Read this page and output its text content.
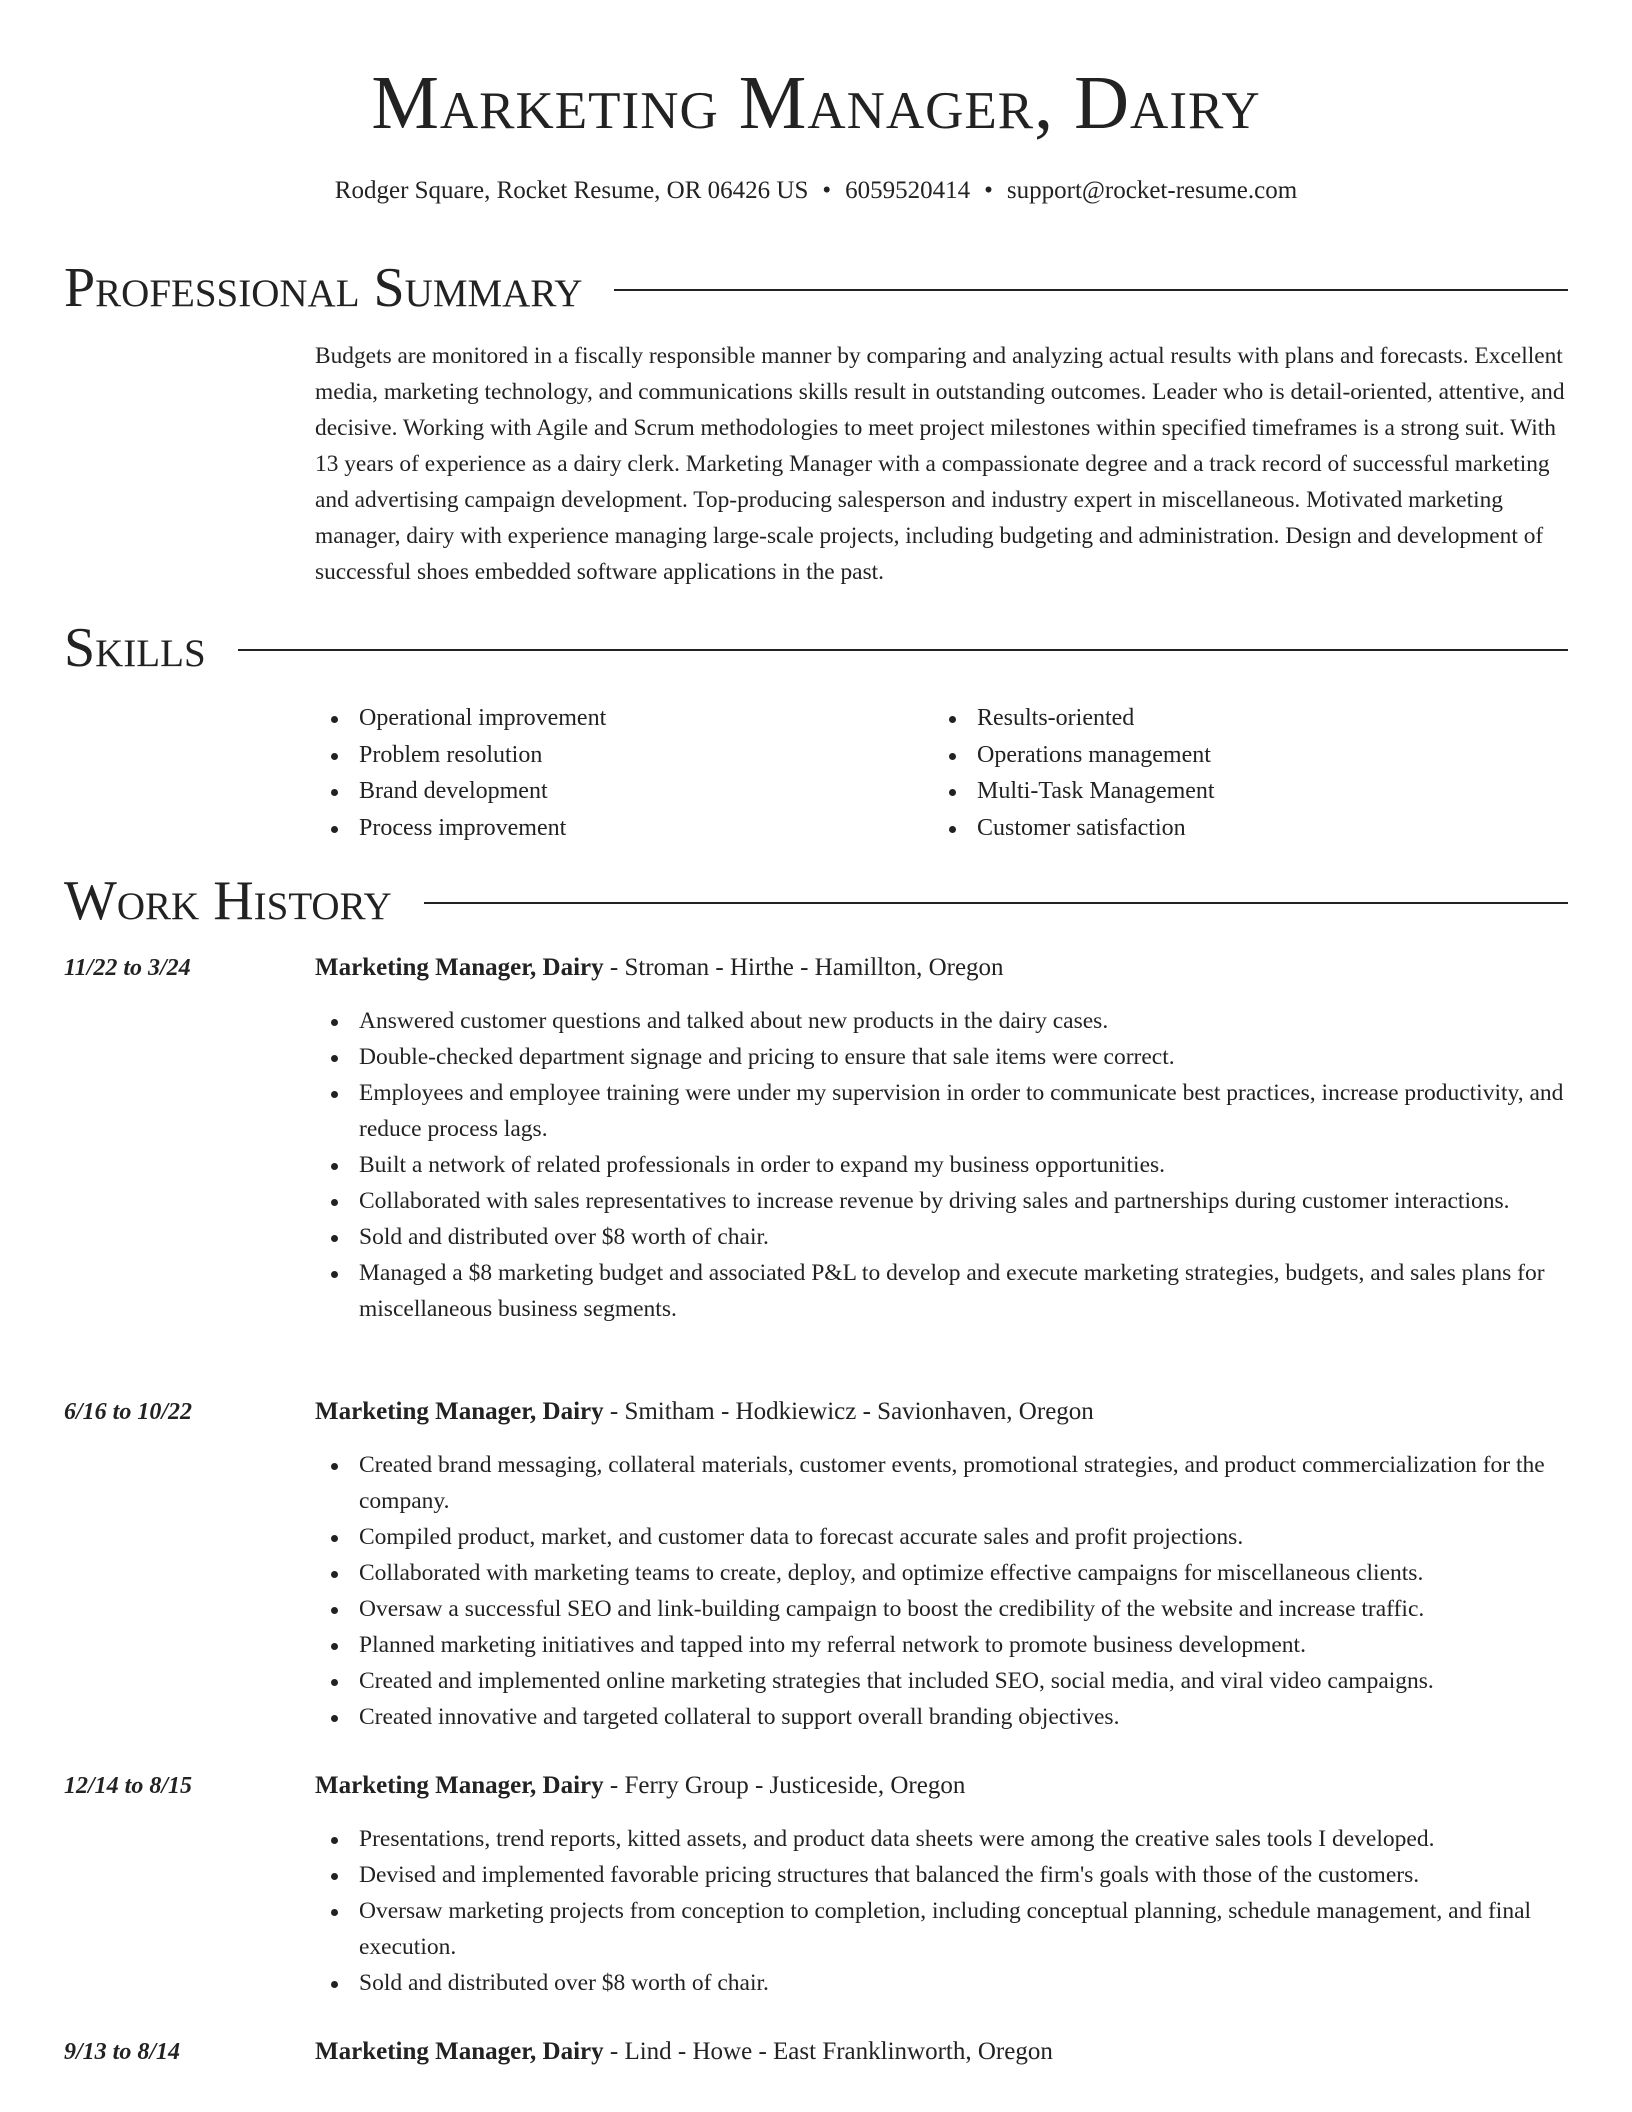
Marketing Manager, Dairy
Rodger Square, Rocket Resume, OR 06426 US • 6059520414 • support@rocket-resume.com
Professional Summary

Budgets are monitored in a fiscally responsible manner by comparing and analyzing actual results with plans and forecasts. Excellent media, marketing technology, and communications skills result in outstanding outcomes. Leader who is detail-oriented, attentive, and decisive. Working with Agile and Scrum methodologies to meet project milestones within specified timeframes is a strong suit. With 13 years of experience as a dairy clerk. Marketing Manager with a compassionate degree and a track record of successful marketing and advertising campaign development. Top-producing salesperson and industry expert in miscellaneous. Motivated marketing manager, dairy with experience managing large-scale projects, including budgeting and administration. Design and development of successful shoes embedded software applications in the past.

Skills
Operational improvement
Problem resolution
Brand development
Process improvement
Results-oriented
Operations management
Multi-Task Management
Customer satisfaction
Work History
11/22 to 3/24	Marketing Manager, Dairy - Stroman - Hirthe - Hamillton, Oregon
Answered customer questions and talked about new products in the dairy cases.
Double-checked department signage and pricing to ensure that sale items were correct.
Employees and employee training were under my supervision in order to communicate best practices, increase productivity, and reduce process lags.
Built a network of related professionals in order to expand my business opportunities.
Collaborated with sales representatives to increase revenue by driving sales and partnerships during customer interactions.
Sold and distributed over $8 worth of chair.
Managed a $8 marketing budget and associated P&L to develop and execute marketing strategies, budgets, and sales plans for miscellaneous business segments.
6/16 to 10/22	Marketing Manager, Dairy - Smitham - Hodkiewicz - Savionhaven, Oregon
Created brand messaging, collateral materials, customer events, promotional strategies, and product commercialization for the company.
Compiled product, market, and customer data to forecast accurate sales and profit projections.
Collaborated with marketing teams to create, deploy, and optimize effective campaigns for miscellaneous clients.
Oversaw a successful SEO and link-building campaign to boost the credibility of the website and increase traffic.
Planned marketing initiatives and tapped into my referral network to promote business development.
Created and implemented online marketing strategies that included SEO, social media, and viral video campaigns.
Created innovative and targeted collateral to support overall branding objectives.
12/14 to 8/15	Marketing Manager, Dairy - Ferry Group - Justiceside, Oregon
Presentations, trend reports, kitted assets, and product data sheets were among the creative sales tools I developed.
Devised and implemented favorable pricing structures that balanced the firm's goals with those of the customers.
Oversaw marketing projects from conception to completion, including conceptual planning, schedule management, and final execution.
Sold and distributed over $8 worth of chair.
9/13 to 8/14	Marketing Manager, Dairy - Lind - Howe - East Franklinworth, Oregon
